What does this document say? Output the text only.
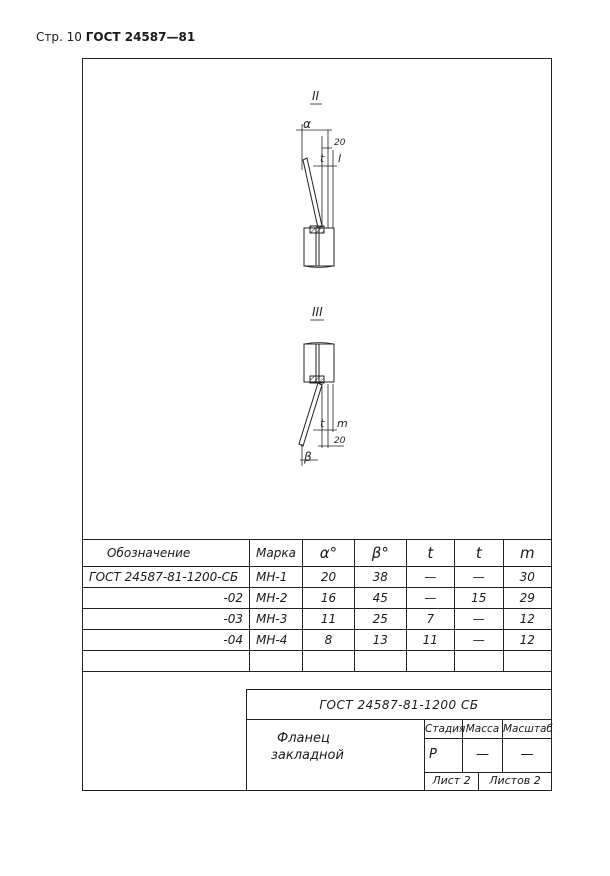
Стр. 10 ГОСТ 24587—81
II
α
20
t l
III
t m
20
β
Обозначение	Марка	α°	β°	t	t	m
ГОСТ 24587-81-1200-СБ	МН-1	20	38	—	—	30
-02	МН-2	16	45	—	15	29
-03	МН-3	11	25	7	—	12
-04	МН-4	8	13	11	—	12

ГОСТ 24587-81-1200 СБ
Фланец
закладной
Стадия Масса Масштаб
Р	—	—
Лист 2	Листов 2
